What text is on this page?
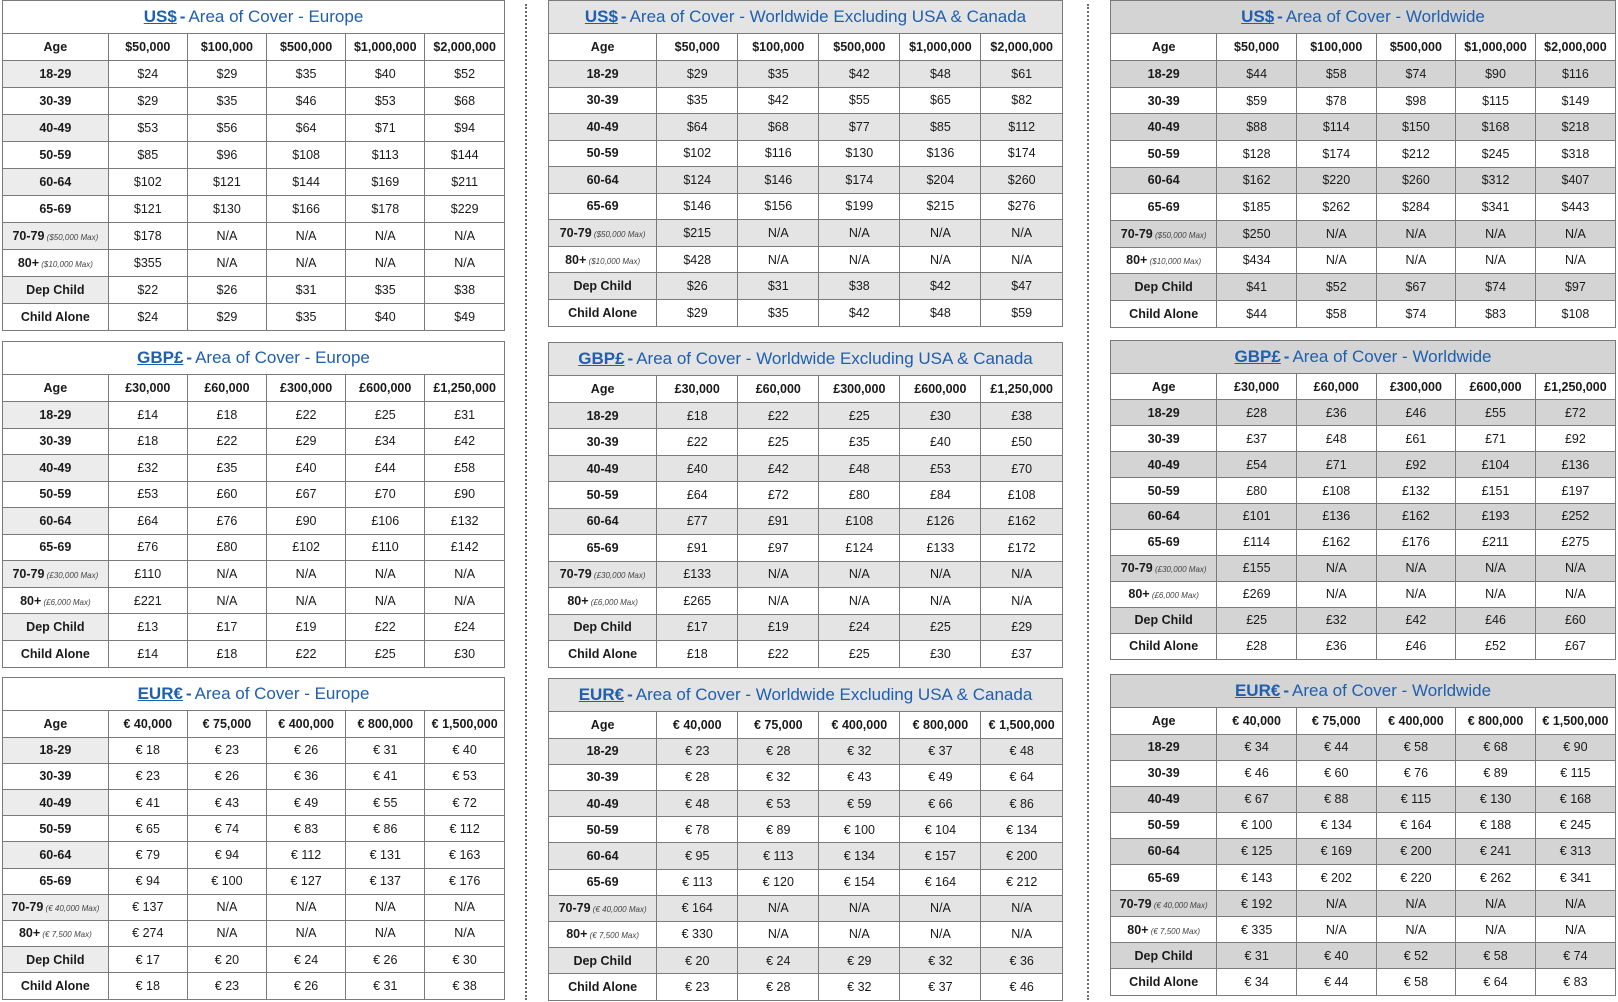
US$ - Area of Cover - Europe
Age	$50,000	$100,000	$500,000	$1,000,000	$2,000,000
18-29	$24	$29	$35	$40	$52
30-39	$29	$35	$46	$53	$68
40-49	$53	$56	$64	$71	$94
50-59	$85	$96	$108	$113	$144
60-64	$102	$121	$144	$169	$211
65-69	$121	$130	$166	$178	$229
70-79 ($50,000 Max)	$178	N/A	N/A	N/A	N/A
80+ ($10,000 Max)	$355	N/A	N/A	N/A	N/A
Dep Child	$22	$26	$31	$35	$38
Child Alone	$24	$29	$35	$40	$49
GBP£ - Area of Cover - Europe
Age	£30,000	£60,000	£300,000	£600,000	£1,250,000
18-29	£14	£18	£22	£25	£31
30-39	£18	£22	£29	£34	£42
40-49	£32	£35	£40	£44	£58
50-59	£53	£60	£67	£70	£90
60-64	£64	£76	£90	£106	£132
65-69	£76	£80	£102	£110	£142
70-79 (£30,000 Max)	£110	N/A	N/A	N/A	N/A
80+ (£6,000 Max)	£221	N/A	N/A	N/A	N/A
Dep Child	£13	£17	£19	£22	£24
Child Alone	£14	£18	£22	£25	£30
EUR€ - Area of Cover - Europe
Age	€ 40,000	€ 75,000	€ 400,000	€ 800,000	€ 1,500,000
18-29	€ 18	€ 23	€ 26	€ 31	€ 40
30-39	€ 23	€ 26	€ 36	€ 41	€ 53
40-49	€ 41	€ 43	€ 49	€ 55	€ 72
50-59	€ 65	€ 74	€ 83	€ 86	€ 112
60-64	€ 79	€ 94	€ 112	€ 131	€ 163
65-69	€ 94	€ 100	€ 127	€ 137	€ 176
70-79 (€ 40,000 Max)	€ 137	N/A	N/A	N/A	N/A
80+ (€ 7,500 Max)	€ 274	N/A	N/A	N/A	N/A
Dep Child	€ 17	€ 20	€ 24	€ 26	€ 30
Child Alone	€ 18	€ 23	€ 26	€ 31	€ 38
US$ - Area of Cover - Worldwide Excluding USA & Canada
Age	$50,000	$100,000	$500,000	$1,000,000	$2,000,000
18-29	$29	$35	$42	$48	$61
30-39	$35	$42	$55	$65	$82
40-49	$64	$68	$77	$85	$112
50-59	$102	$116	$130	$136	$174
60-64	$124	$146	$174	$204	$260
65-69	$146	$156	$199	$215	$276
70-79 ($50,000 Max)	$215	N/A	N/A	N/A	N/A
80+ ($10,000 Max)	$428	N/A	N/A	N/A	N/A
Dep Child	$26	$31	$38	$42	$47
Child Alone	$29	$35	$42	$48	$59
GBP£ - Area of Cover - Worldwide Excluding USA & Canada
Age	£30,000	£60,000	£300,000	£600,000	£1,250,000
18-29	£18	£22	£25	£30	£38
30-39	£22	£25	£35	£40	£50
40-49	£40	£42	£48	£53	£70
50-59	£64	£72	£80	£84	£108
60-64	£77	£91	£108	£126	£162
65-69	£91	£97	£124	£133	£172
70-79 (£30,000 Max)	£133	N/A	N/A	N/A	N/A
80+ (£6,000 Max)	£265	N/A	N/A	N/A	N/A
Dep Child	£17	£19	£24	£25	£29
Child Alone	£18	£22	£25	£30	£37
EUR€ - Area of Cover - Worldwide Excluding USA & Canada
Age	€ 40,000	€ 75,000	€ 400,000	€ 800,000	€ 1,500,000
18-29	€ 23	€ 28	€ 32	€ 37	€ 48
30-39	€ 28	€ 32	€ 43	€ 49	€ 64
40-49	€ 48	€ 53	€ 59	€ 66	€ 86
50-59	€ 78	€ 89	€ 100	€ 104	€ 134
60-64	€ 95	€ 113	€ 134	€ 157	€ 200
65-69	€ 113	€ 120	€ 154	€ 164	€ 212
70-79 (€ 40,000 Max)	€ 164	N/A	N/A	N/A	N/A
80+ (€ 7,500 Max)	€ 330	N/A	N/A	N/A	N/A
Dep Child	€ 20	€ 24	€ 29	€ 32	€ 36
Child Alone	€ 23	€ 28	€ 32	€ 37	€ 46
US$ - Area of Cover - Worldwide
Age	$50,000	$100,000	$500,000	$1,000,000	$2,000,000
18-29	$44	$58	$74	$90	$116
30-39	$59	$78	$98	$115	$149
40-49	$88	$114	$150	$168	$218
50-59	$128	$174	$212	$245	$318
60-64	$162	$220	$260	$312	$407
65-69	$185	$262	$284	$341	$443
70-79 ($50,000 Max)	$250	N/A	N/A	N/A	N/A
80+ ($10,000 Max)	$434	N/A	N/A	N/A	N/A
Dep Child	$41	$52	$67	$74	$97
Child Alone	$44	$58	$74	$83	$108
GBP£ - Area of Cover - Worldwide
Age	£30,000	£60,000	£300,000	£600,000	£1,250,000
18-29	£28	£36	£46	£55	£72
30-39	£37	£48	£61	£71	£92
40-49	£54	£71	£92	£104	£136
50-59	£80	£108	£132	£151	£197
60-64	£101	£136	£162	£193	£252
65-69	£114	£162	£176	£211	£275
70-79 (£30,000 Max)	£155	N/A	N/A	N/A	N/A
80+ (£6,000 Max)	£269	N/A	N/A	N/A	N/A
Dep Child	£25	£32	£42	£46	£60
Child Alone	£28	£36	£46	£52	£67
EUR€ - Area of Cover - Worldwide
Age	€ 40,000	€ 75,000	€ 400,000	€ 800,000	€ 1,500,000
18-29	€ 34	€ 44	€ 58	€ 68	€ 90
30-39	€ 46	€ 60	€ 76	€ 89	€ 115
40-49	€ 67	€ 88	€ 115	€ 130	€ 168
50-59	€ 100	€ 134	€ 164	€ 188	€ 245
60-64	€ 125	€ 169	€ 200	€ 241	€ 313
65-69	€ 143	€ 202	€ 220	€ 262	€ 341
70-79 (€ 40,000 Max)	€ 192	N/A	N/A	N/A	N/A
80+ (€ 7,500 Max)	€ 335	N/A	N/A	N/A	N/A
Dep Child	€ 31	€ 40	€ 52	€ 58	€ 74
Child Alone	€ 34	€ 44	€ 58	€ 64	€ 83
